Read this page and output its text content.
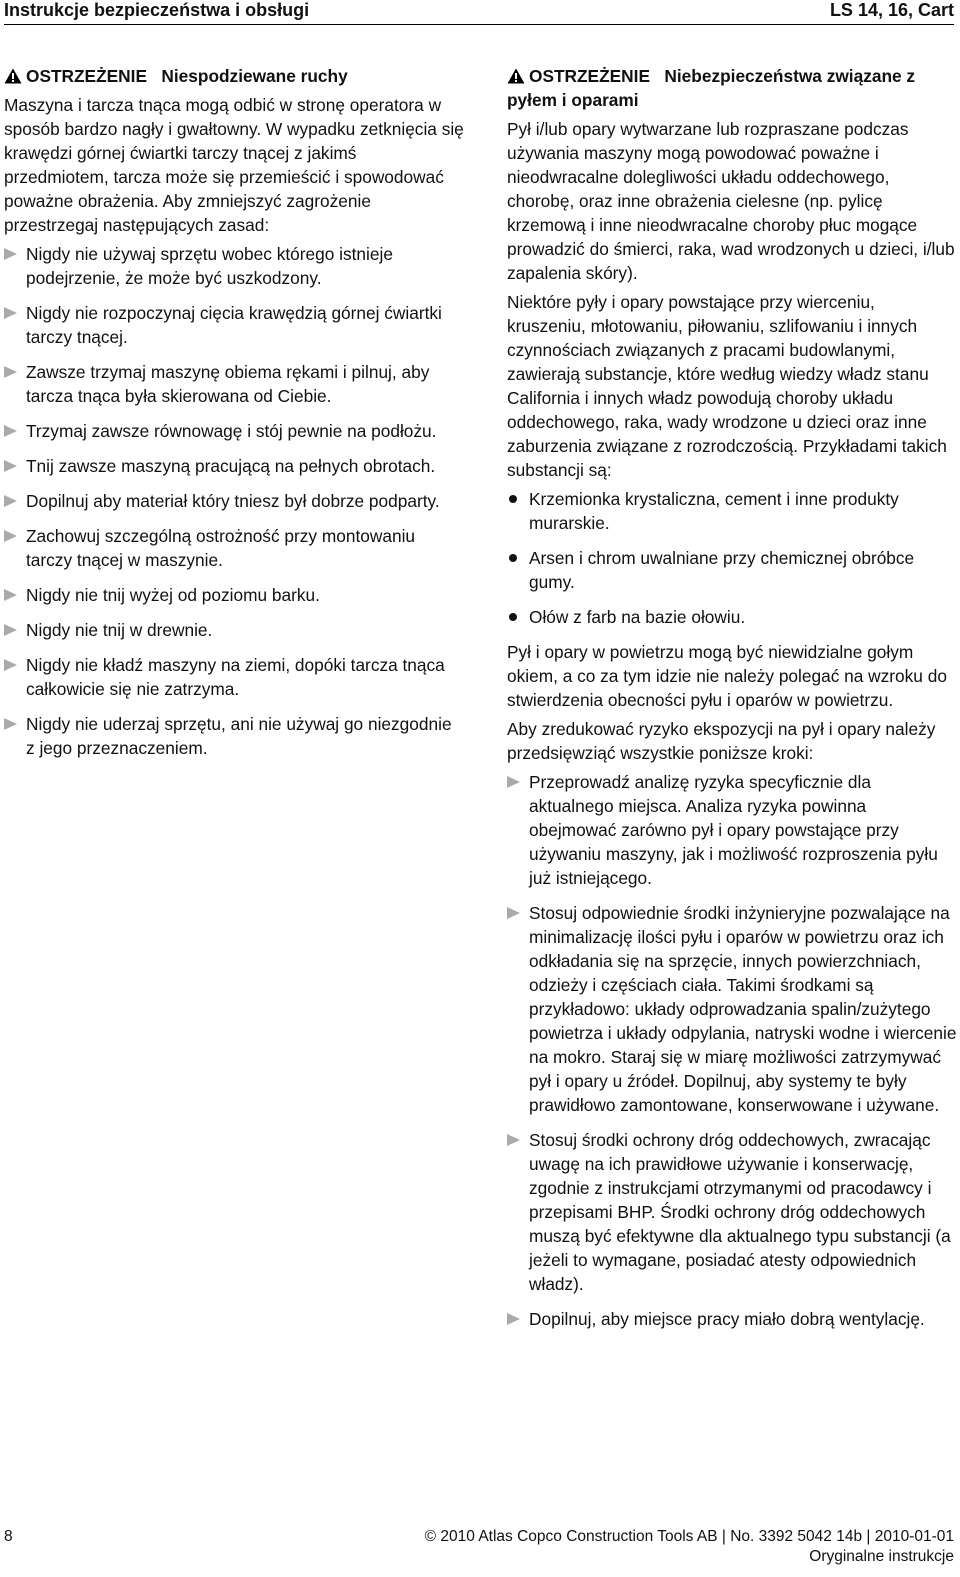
Instrukcje bezpieczeństwa i obsługi	LS 14, 16, Cart

OSTRZEŻENIE Niespodziewane ruchy

Maszyna i tarcza tnąca mogą odbić w stronę operatora w sposób bardzo nagły i gwałtowny. W wypadku zetknięcia się krawędzi górnej ćwiartki tarczy tnącej z jakimś przedmiotem, tarcza może się przemieścić i spowodować poważne obrażenia. Aby zmniejszyć zagrożenie przestrzegaj następujących zasad:

Nigdy nie używaj sprzętu wobec którego istnieje podejrzenie, że może być uszkodzony.
Nigdy nie rozpoczynaj cięcia krawędzią górnej ćwiartki tarczy tnącej.
Zawsze trzymaj maszynę obiema rękami i pilnuj, aby tarcza tnąca była skierowana od Ciebie.
Trzymaj zawsze równowagę i stój pewnie na podłożu.
Tnij zawsze maszyną pracującą na pełnych obrotach.
Dopilnuj aby materiał który tniesz był dobrze podparty.
Zachowuj szczególną ostrożność przy montowaniu tarczy tnącej w maszynie.
Nigdy nie tnij wyżej od poziomu barku.
Nigdy nie tnij w drewnie.
Nigdy nie kładź maszyny na ziemi, dopóki tarcza tnąca całkowicie się nie zatrzyma.
Nigdy nie uderzaj sprzętu, ani nie używaj go niezgodnie z jego przeznaczeniem.

OSTRZEŻENIE Niebezpieczeństwa związane z pyłem i oparami

Pył i/lub opary wytwarzane lub rozpraszane podczas używania maszyny mogą powodować poważne i nieodwracalne dolegliwości układu oddechowego, chorobę, oraz inne obrażenia cielesne (np. pylicę krzemową i inne nieodwracalne choroby płuc mogące prowadzić do śmierci, raka, wad wrodzonych u dzieci, i/lub zapalenia skóry).

Niektóre pyły i opary powstające przy wierceniu, kruszeniu, młotowaniu, piłowaniu, szlifowaniu i innych czynnościach związanych z pracami budowlanymi, zawierają substancje, które według wiedzy władz stanu California i innych władz powodują choroby układu oddechowego, raka, wady wrodzone u dzieci oraz inne zaburzenia związane z rozrodczością. Przykładami takich substancji są:

Krzemionka krystaliczna, cement i inne produkty murarskie.
Arsen i chrom uwalniane przy chemicznej obróbce gumy.
Ołów z farb na bazie ołowiu.

Pył i opary w powietrzu mogą być niewidzialne gołym okiem, a co za tym idzie nie należy polegać na wzroku do stwierdzenia obecności pyłu i oparów w powietrzu.

Aby zredukować ryzyko ekspozycji na pył i opary należy przedsięwziąć wszystkie poniższe kroki:

Przeprowadź analizę ryzyka specyficznie dla aktualnego miejsca. Analiza ryzyka powinna obejmować zarówno pył i opary powstające przy używaniu maszyny, jak i możliwość rozproszenia pyłu już istniejącego.
Stosuj odpowiednie środki inżynieryjne pozwalające na minimalizację ilości pyłu i oparów w powietrzu oraz ich odkładania się na sprzęcie, innych powierzchniach, odzieży i częściach ciała. Takimi środkami są przykładowo: układy odprowadzania spalin/zużytego powietrza i układy odpylania, natryski wodne i wiercenie na mokro. Staraj się w miarę możliwości zatrzymywać pył i opary u źródeł. Dopilnuj, aby systemy te były prawidłowo zamontowane, konserwowane i używane.
Stosuj środki ochrony dróg oddechowych, zwracając uwagę na ich prawidłowe używanie i konserwację, zgodnie z instrukcjami otrzymanymi od pracodawcy i przepisami BHP. Środki ochrony dróg oddechowych muszą być efektywne dla aktualnego typu substancji (a jeżeli to wymagane, posiadać atesty odpowiednich władz).
Dopilnuj, aby miejsce pracy miało dobrą wentylację.
8	© 2010 Atlas Copco Construction Tools AB | No. 3392 5042 14b | 2010-01-01
Oryginalne instrukcje
